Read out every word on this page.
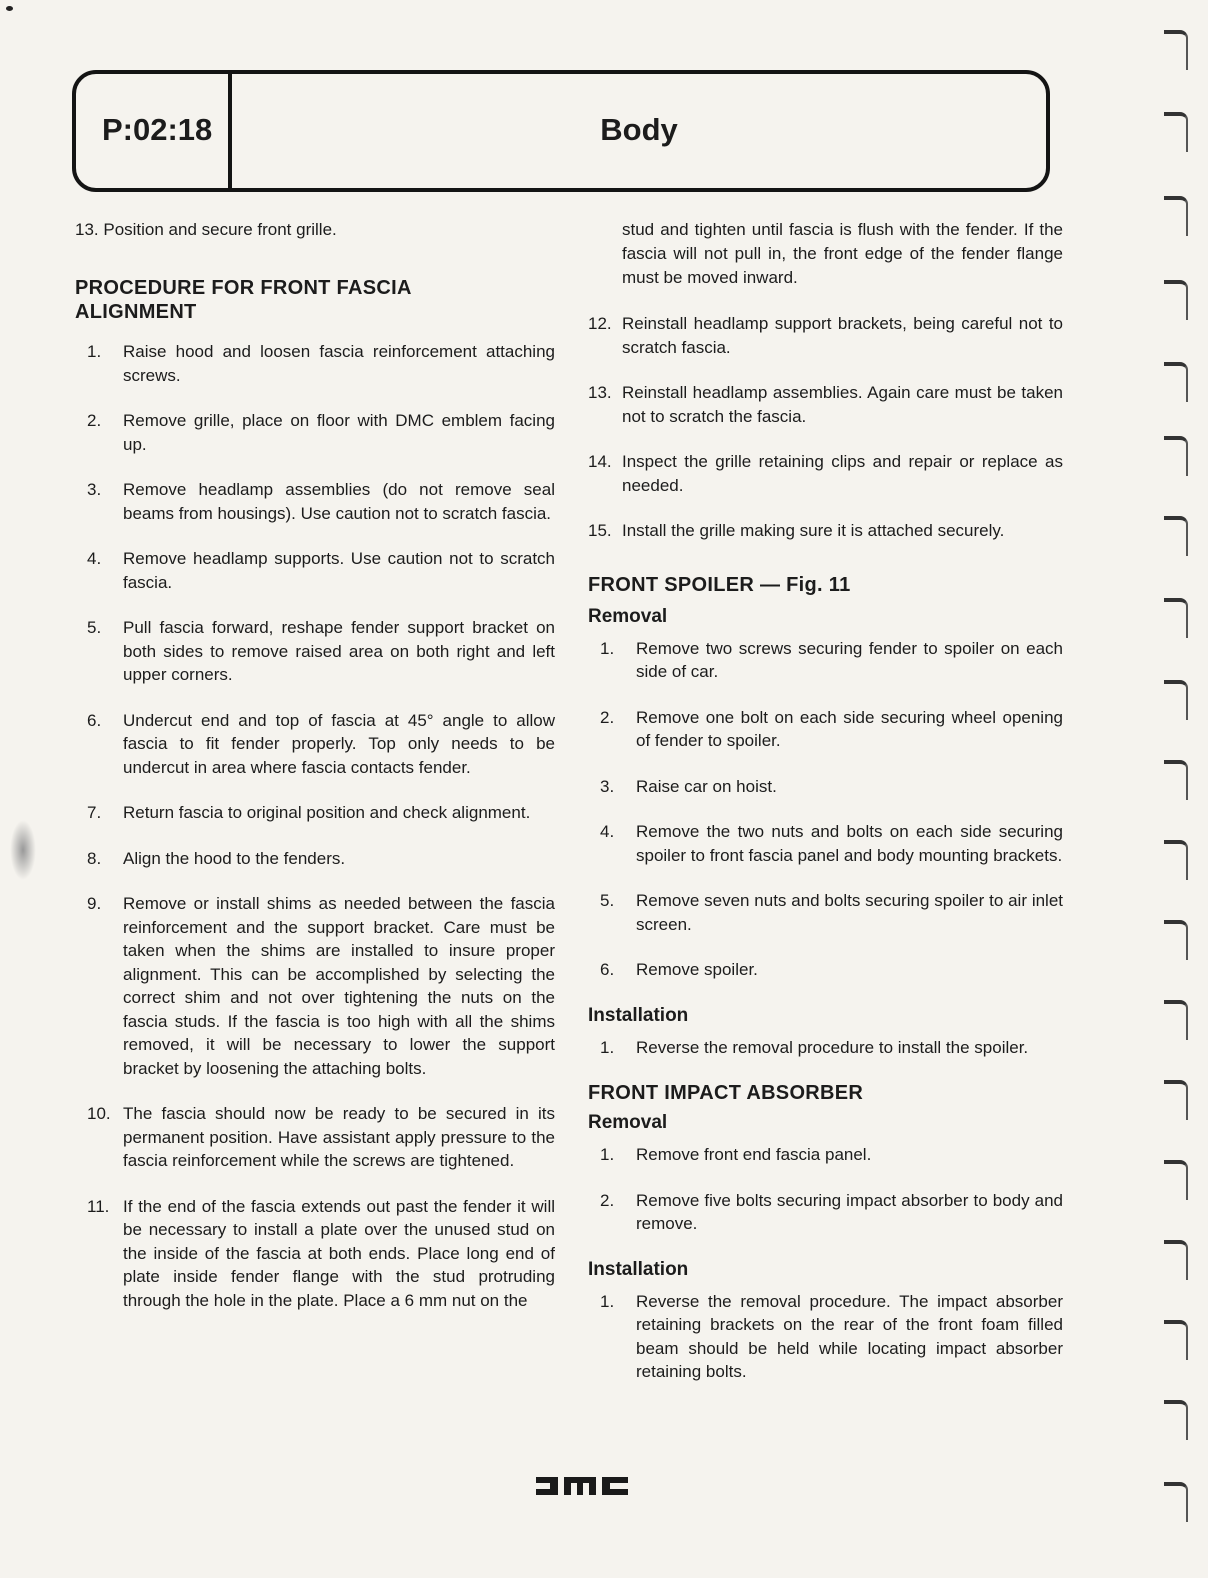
P:02:18	Body
13. Position and secure front grille.
PROCEDURE FOR FRONT FASCIA ALIGNMENT
1. Raise hood and loosen fascia reinforcement attaching screws.
2. Remove grille, place on floor with DMC emblem facing up.
3. Remove headlamp assemblies (do not remove seal beams from housings). Use caution not to scratch fascia.
4. Remove headlamp supports. Use caution not to scratch fascia.
5. Pull fascia forward, reshape fender support bracket on both sides to remove raised area on both right and left upper corners.
6. Undercut end and top of fascia at 45° angle to allow fascia to fit fender properly. Top only needs to be undercut in area where fascia contacts fender.
7. Return fascia to original position and check alignment.
8. Align the hood to the fenders.
9. Remove or install shims as needed between the fascia reinforcement and the support bracket. Care must be taken when the shims are installed to insure proper alignment. This can be accomplished by selecting the correct shim and not over tightening the nuts on the fascia studs. If the fascia is too high with all the shims removed, it will be necessary to lower the support bracket by loosening the attaching bolts.
10. The fascia should now be ready to be secured in its permanent position. Have assistant apply pressure to the fascia reinforcement while the screws are tightened.
11. If the end of the fascia extends out past the fender it will be necessary to install a plate over the unused stud on the inside of the fascia at both ends. Place long end of plate inside fender flange with the stud protruding through the hole in the plate. Place a 6 mm nut on the
stud and tighten until fascia is flush with the fender. If the fascia will not pull in, the front edge of the fender flange must be moved inward.
12. Reinstall headlamp support brackets, being careful not to scratch fascia.
13. Reinstall headlamp assemblies. Again care must be taken not to scratch the fascia.
14. Inspect the grille retaining clips and repair or replace as needed.
15. Install the grille making sure it is attached securely.
FRONT SPOILER — Fig. 11
Removal
1. Remove two screws securing fender to spoiler on each side of car.
2. Remove one bolt on each side securing wheel opening of fender to spoiler.
3. Raise car on hoist.
4. Remove the two nuts and bolts on each side securing spoiler to front fascia panel and body mounting brackets.
5. Remove seven nuts and bolts securing spoiler to air inlet screen.
6. Remove spoiler.
Installation
1. Reverse the removal procedure to install the spoiler.
FRONT IMPACT ABSORBER
Removal
1. Remove front end fascia panel.
2. Remove five bolts securing impact absorber to body and remove.
Installation
1. Reverse the removal procedure. The impact absorber retaining brackets on the rear of the front foam filled beam should be held while locating impact absorber retaining bolts.
